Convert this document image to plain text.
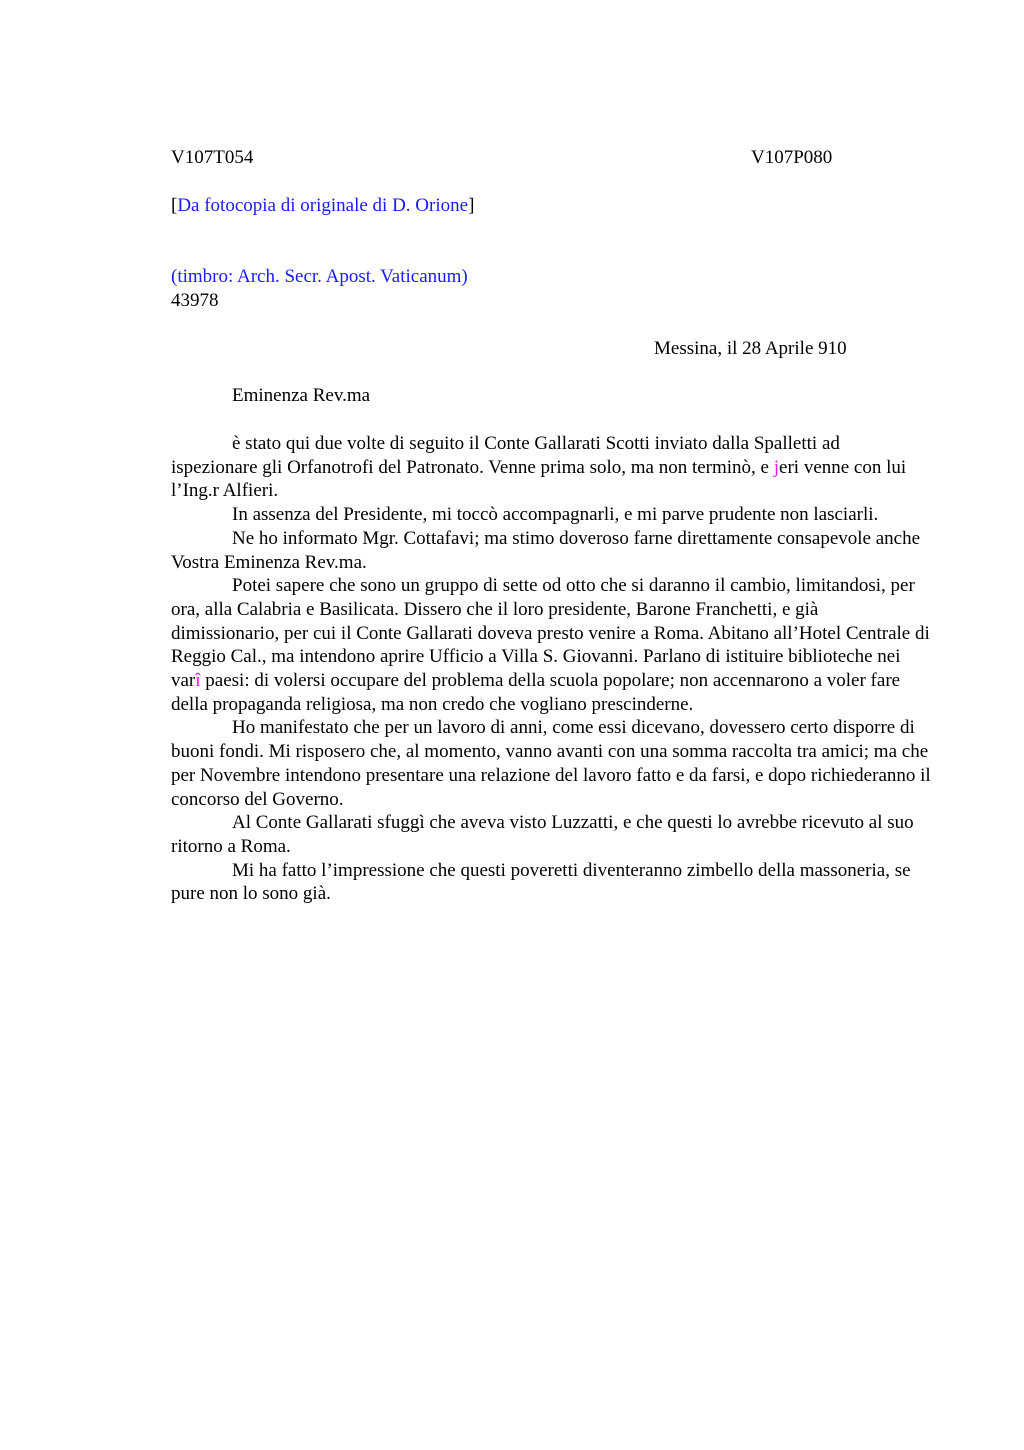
V107T054	V107P080
[Da fotocopia di originale di D. Orione]
(timbro: Arch. Secr. Apost. Vaticanum)
43978
Messina, il 28 Aprile 910
Eminenza Rev.ma

è stato qui due volte di seguito il Conte Gallarati Scotti inviato dalla Spalletti ad ispezionare gli Orfanotrofi del Patronato. Venne prima solo, ma non terminò, e jeri venne con lui l’Ing.r Alfieri.

In assenza del Presidente, mi toccò accompagnarli, e mi parve prudente non lasciarli.

Ne ho informato Mgr. Cottafavi; ma stimo doveroso farne direttamente consapevole anche Vostra Eminenza Rev.ma.

Potei sapere che sono un gruppo di sette od otto che si daranno il cambio, limitandosi, per ora, alla Calabria e Basilicata. Dissero che il loro presidente, Barone Franchetti, e già dimissionario, per cui il Conte Gallarati doveva presto venire a Roma. Abitano all’Hotel Centrale di Reggio Cal., ma intendono aprire Ufficio a Villa S. Giovanni. Parlano di istituire biblioteche nei varî paesi: di volersi occupare del problema della scuola popolare; non accennarono a voler fare della propaganda religiosa, ma non credo che vogliano prescinderne.

Ho manifestato che per un lavoro di anni, come essi dicevano, dovessero certo disporre di buoni fondi. Mi risposero che, al momento, vanno avanti con una somma raccolta tra amici; ma che per Novembre intendono presentare una relazione del lavoro fatto e da farsi, e dopo richiederanno il concorso del Governo.

Al Conte Gallarati sfuggì che aveva visto Luzzatti, e che questi lo avrebbe ricevuto al suo ritorno a Roma.

Mi ha fatto l’impressione che questi poveretti diventeranno zimbello della massoneria, se pure non lo sono già.
